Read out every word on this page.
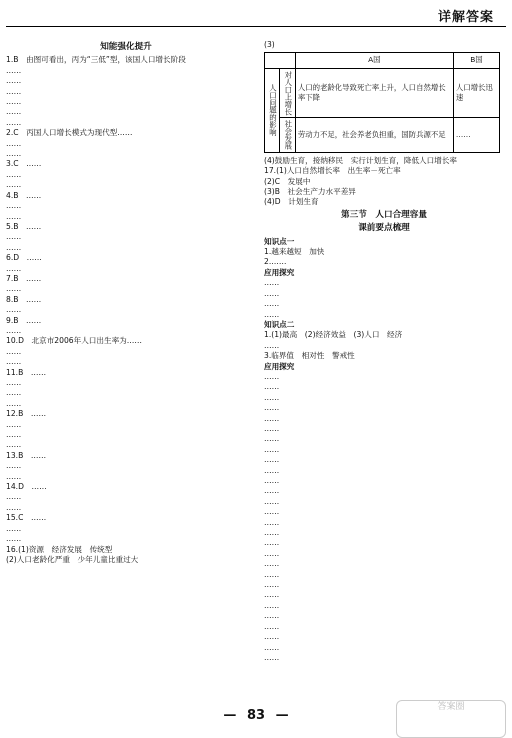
详解答案
知能强化提升
1.B　由图可看出，丙为“三低”型，该国人口增长阶段
……
……
……
……
……
……
2.C　丙国人口增长模式为现代型……
……
……
3.C　……
……
……
4.B　……
……
……
5.B　……
……
……
6.D　……
……
7.B　……
……
8.B　……
……
9.B　……
……
10.D　北京市2006年人口出生率为……
……
……
11.B　……
……
……
……
12.B　……
……
……
……
13.B　……
……
……
14.D　……
……
……
15.C　……
……
……
16.(1)资源　经济发展　传统型
(2)人口老龄化严重　少年儿童比重过大
(3)
		A国	B国
人口问题的影响	对人口上增长	人口的老龄化导致死亡率上升，人口自然增长率下降	人口增长迅速
	社会发展	劳动力不足，社会养老负担重，国防兵源不足	……
(4)鼓励生育，接纳移民　实行计划生育，降低人口增长率
17.(1)人口自然增长率　出生率－死亡率
(2)C　发展中
(3)B　社会生产力水平差异
(4)D　计划生育
第三节　人口合理容量
课前要点梳理
知识点一
1.越来越短　加快
2.……
应用探究
……
……
……
……
知识点二
1.(1)最高　(2)经济效益　(3)人口　经济
……
3.临界值　相对性　警戒性
应用探究
……
……
……
……
……
……
……
……
……
……
……
……
……
……
……
……
……
……
……
……
……
……
……
……
……
……
……
……
— 83 —
答案圈
